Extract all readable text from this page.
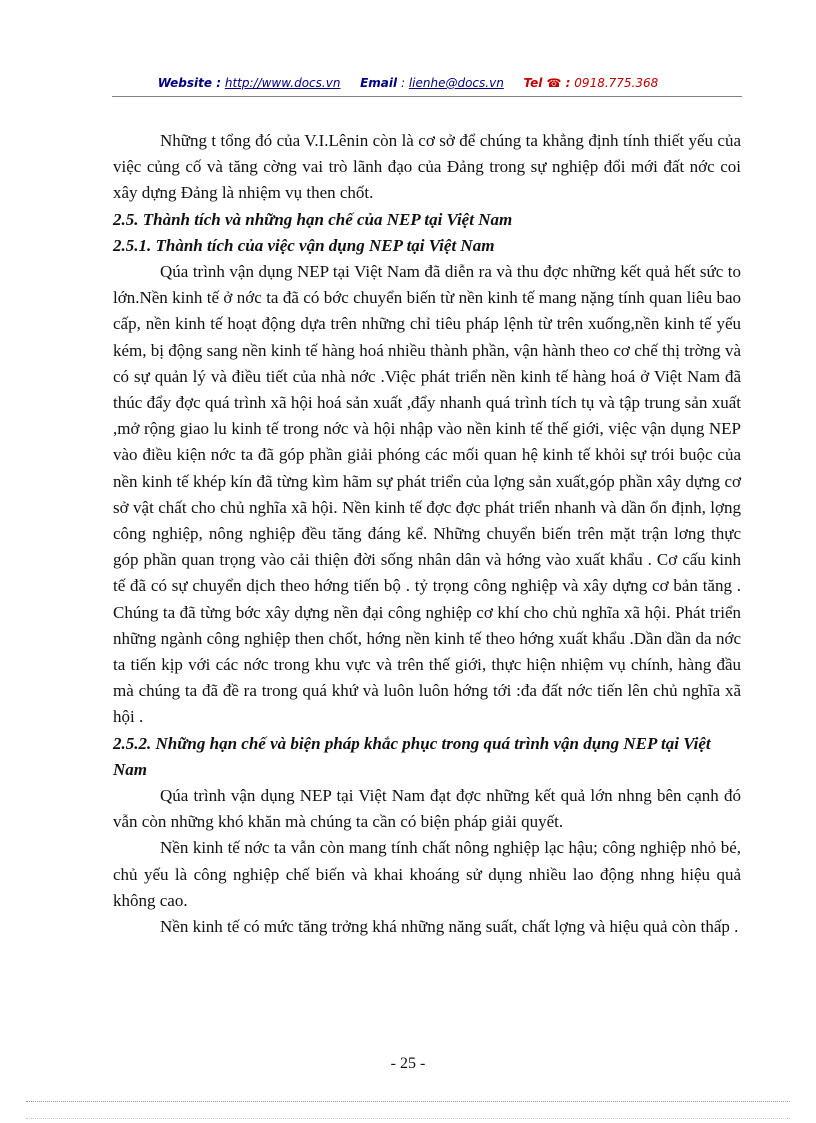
Website : http://www.docs.vn Email : lienhe@docs.vn Tel ☎ : 0918.775.368

Những t tổng đó của V.I.Lênin còn là cơ sở để chúng ta khẳng định tính thiết yếu của việc củng cố và tăng cờng vai trò lãnh đạo của Đảng trong sự nghiệp đổi mới đất nớc coi xây dựng Đảng là nhiệm vụ then chốt.

2.5. Thành tích và những hạn chế của NEP tại Việt Nam
2.5.1. Thành tích của việc vận dụng NEP tại Việt Nam

Qúa trình vận dụng NEP tại Việt Nam đã diễn ra và thu đợc những kết quả hết sức to lớn.Nền kinh tế ở nớc ta đã có bớc chuyển biến từ nền kinh tế mang nặng tính quan liêu bao cấp, nền kinh tế hoạt động dựa trên những chỉ tiêu pháp lệnh từ trên xuống,nền kinh tế yếu kém, bị động sang nền kinh tế hàng hoá nhiều thành phần, vận hành theo cơ chế thị trờng và có sự quản lý và điều tiết của nhà nớc .Việc phát triển nền kinh tế hàng hoá ở Việt Nam đã thúc đẩy đợc quá trình xã hội hoá sản xuất ,đẩy nhanh quá trình tích tụ và tập trung sản xuất ,mở rộng giao lu kinh tế trong nớc và hội nhập vào nền kinh tế thế giới, việc vận dụng NEP vào điều kiện nớc ta đã góp phần giải phóng các mối quan hệ kinh tế khỏi sự trói buộc của nền kinh tế khép kín đã từng kìm hãm sự phát triển của lợng sản xuất,góp phần xây dựng cơ sở vật chất cho chủ nghĩa xã hội. Nền kinh tế đợc đợc phát triển nhanh và dần ổn định, lợng công nghiệp, nông nghiệp đều tăng đáng kể. Những chuyển biến trên mặt trận lơng thực góp phần quan trọng vào cải thiện đời sống nhân dân và hớng vào xuất khẩu . Cơ cấu kinh tế đã có sự chuyển dịch theo hớng tiến bộ . tỷ trọng công nghiệp và xây dựng cơ bản tăng . Chúng ta đã từng bớc xây dựng nền đại công nghiệp cơ khí cho chủ nghĩa xã hội. Phát triển những ngành công nghiệp then chốt, hớng nền kinh tế theo hớng xuất khẩu .Dần dần da nớc ta tiến kịp với các nớc trong khu vực và trên thế giới, thực hiện nhiệm vụ chính, hàng đầu mà chúng ta đã đề ra trong quá khứ và luôn luôn hớng tới :đa đất nớc tiến lên chủ nghĩa xã hội .

2.5.2. Những hạn chế và biện pháp khắc phục trong quá trình vận dụng NEP tại Việt Nam

Qúa trình vận dụng NEP tại Việt Nam đạt đợc những kết quả lớn nhng bên cạnh đó vẫn còn những khó khăn mà chúng ta cần có biện pháp giải quyết.

Nền kinh tế nớc ta vẫn còn mang tính chất nông nghiệp lạc hậu; công nghiệp nhỏ bé, chủ yếu là công nghiệp chế biến và khai khoáng sử dụng nhiều lao động nhng hiệu quả không cao.

Nền kinh tế có mức tăng trởng khá những năng suất, chất lợng và hiệu quả còn thấp .

- 25 -
